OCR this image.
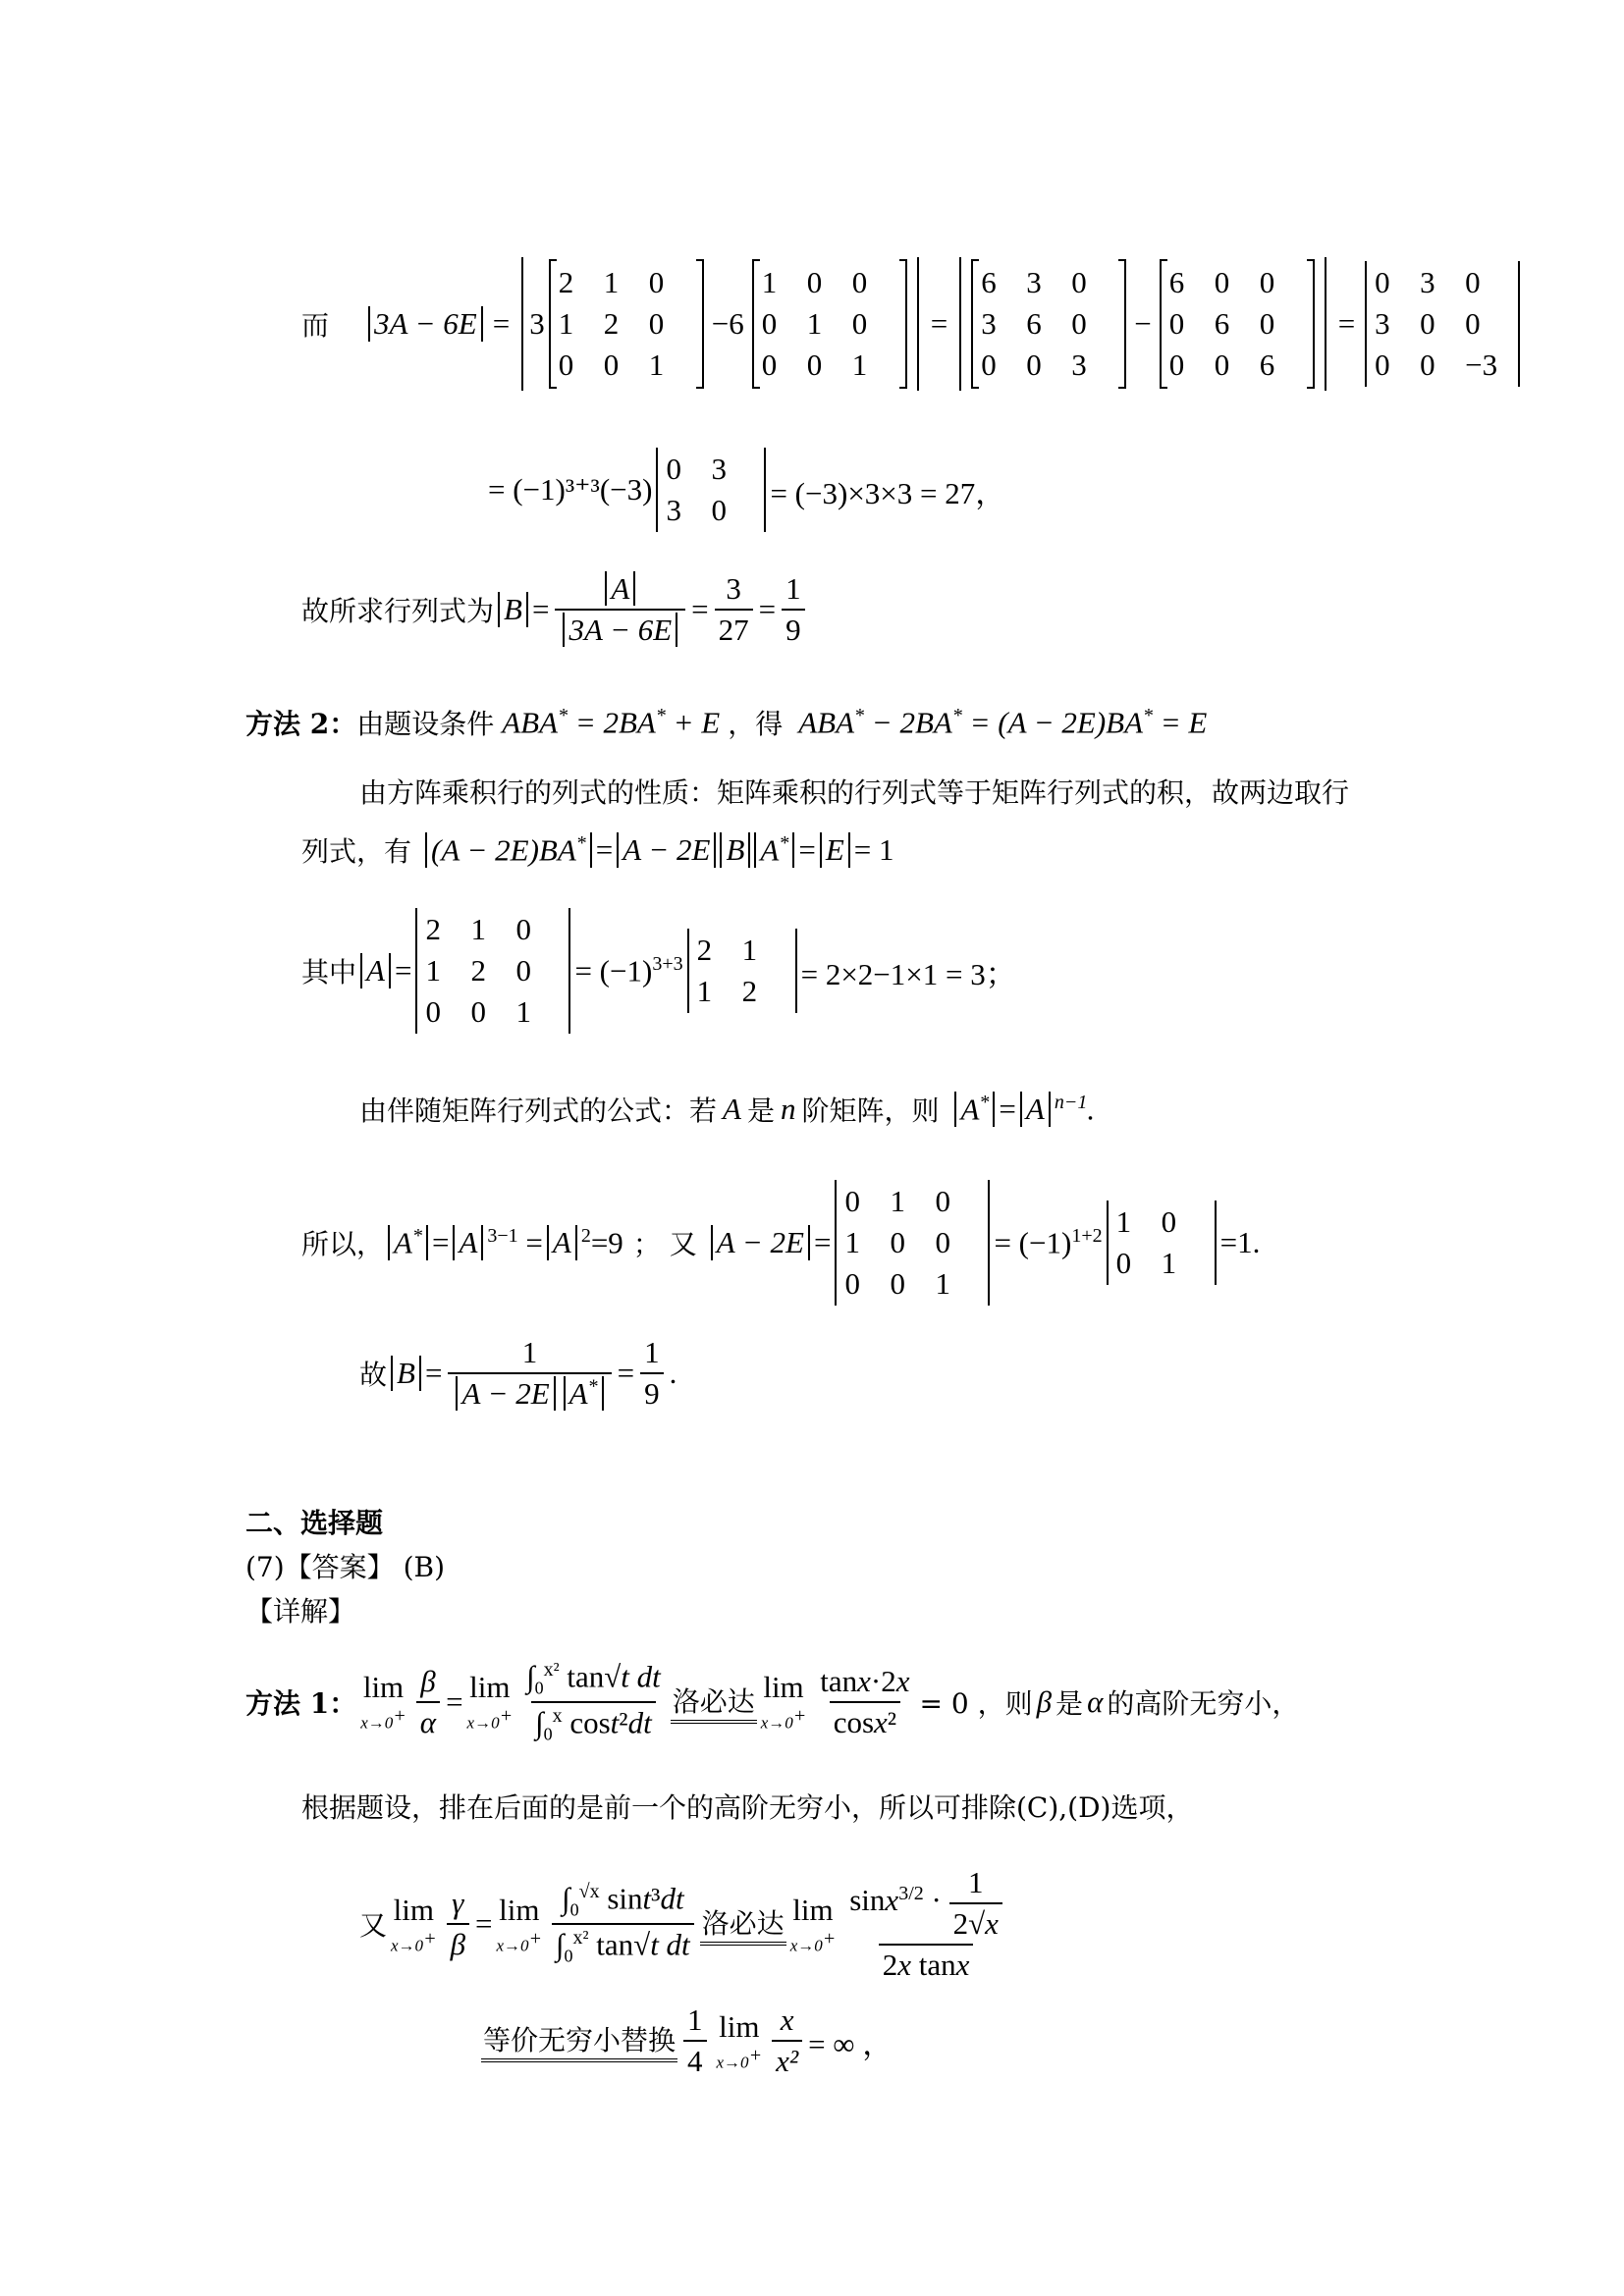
而 3A − 6E = 3
2 1 0
1 2 0
0 0 1
−6
1 0 0
0 1 0
0 0 1
=
6 3 0
3 6 0
0 0 3
−
6 0 0
0 6 0
0 0 6
=
0 3 0
3 0 0
0 0 −3
= (−1)³⁺³(−3)
0 3
3 0	= (−3)×3×3 = 27，
故所求行列式为 $B = \frac{A}{3A - 6E} = \frac{3}{27} = \frac{1}{9}$
方法 2： 由题设条件 ABA* = 2BA* + E ，得 ABA* − 2BA* = (A − 2E)BA* = E
由方阵乘积行的列式的性质：矩阵乘积的行列式等于矩阵行列式的积，故两边取行
列式，有 (A − 2E)BA* = A − 2E B A* = E = 1
其中 A =
2 1 0
1 2 0
0 0 1
= $(-1)^{3+3}$ 2 1
1 2	= 2×2−1×1 = 3；
由伴随矩阵行列式的公式：若 A 是 n 阶矩阵，则 A* = A $^{n-1}$.
所以， A* = A $^{3-1}$ = A $^2$=9 ； 又 A − 2E =
0 1 0
1 0 0
0 0 1
= $(-1)^{1+2}$ 1 0
0 1
=1.
故 $B = \frac{1}{A - 2E A^*} = \frac{1}{9}$ .
二、选择题
(7)【答案】 (B)
【详解】
方法 1： lim
$x\to 0^+ \frac{\beta}{\alpha} = \lim$
$x\to 0^+ \frac{\int_0^{x^2} \tan√t dt}{\int_0^x \cos t^2dt}$ 洛必达 lim
$x\to 0^+ \frac{\tan x\cdot 2x}{\text{cosx²}} = 0$ ，则 β 是 α 的高阶无穷小，
根据题设，排在后面的是前一个的高阶无穷小，所以可排除(C),(D)选项，
又 lim
$x\to 0^+ \frac{\gamma}{\beta} = \lim$
$x\to 0^+ \frac{\int_0^{√x} \sin t^3dt}{\int_0^{x^2} \tan√t dt}$ 洛必达 lim
$x\to 0^+ \frac{\sin x^{3/2} \cdot \frac{1}{2√x}}{\text{2x tanx}}$
等价无穷小替换 $\frac{1}{4}$ lim
$x\to 0^+ \frac{x}{\text{x²}}$ = ∞ ，
